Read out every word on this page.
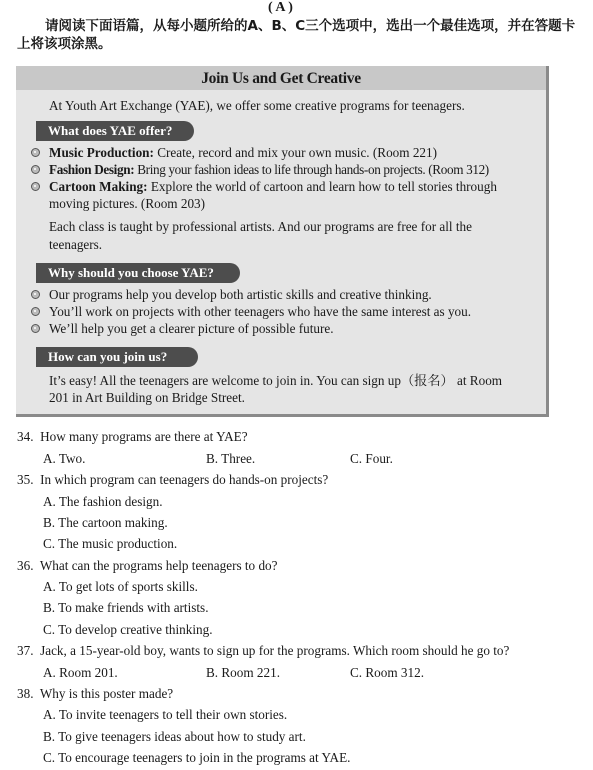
( A )
请阅读下面语篇，从每小题所给的A、B、C三个选项中，选出一个最佳选项，并在答题卡上将该项涂黑。
Join Us and Get Creative
At Youth Art Exchange (YAE), we offer some creative programs for teenagers.
What does YAE offer?
Music Production: Create, record and mix your own music. (Room 221)
Fashion Design: Bring your fashion ideas to life through hands-on projects. (Room 312)
Cartoon Making: Explore the world of cartoon and learn how to tell stories through
moving pictures. (Room 203)
Each class is taught by professional artists. And our programs are free for all the
teenagers.
Why should you choose YAE?
Our programs help you develop both artistic skills and creative thinking.
You’ll work on projects with other teenagers who have the same interest as you.
We’ll help you get a clearer picture of possible future.
How can you join us?
It’s easy! All the teenagers are welcome to join in. You can sign up（报名） at Room
201 in Art Building on Bridge Street.
34. How many programs are there at YAE?
A. Two.	B. Three.	C. Four.
35. In which program can teenagers do hands-on projects?
A. The fashion design.
B. The cartoon making.
C. The music production.
36. What can the programs help teenagers to do?
A. To get lots of sports skills.
B. To make friends with artists.
C. To develop creative thinking.
37. Jack, a 15-year-old boy, wants to sign up for the programs. Which room should he go to?
A. Room 201.	B. Room 221.	C. Room 312.
38. Why is this poster made?
A. To invite teenagers to tell their own stories.
B. To give teenagers ideas about how to study art.
C. To encourage teenagers to join in the programs at YAE.
